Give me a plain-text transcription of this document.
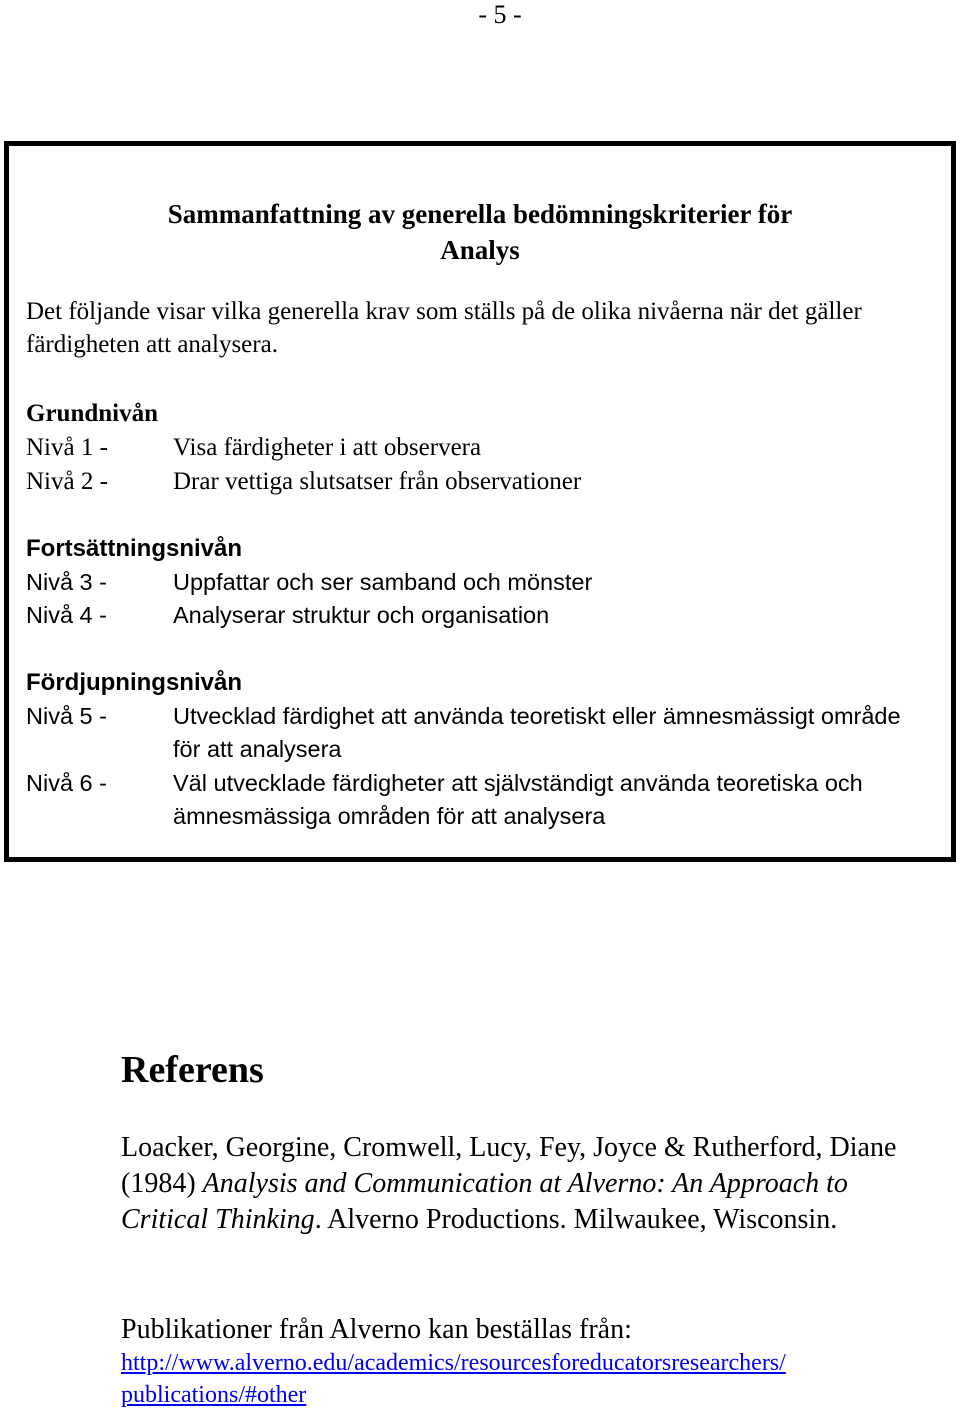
- 5 -
Sammanfattning av generella bedömningskriterier för
Analys
Det följande visar vilka generella krav som ställs på de olika nivåerna när det gäller färdigheten att analysera.
Grundnivån
Nivå 1 -	Visa färdigheter i att observera
Nivå 2 -	Drar vettiga slutsatser från observationer
Fortsättningsnivån
Nivå 3 -	Uppfattar och ser samband och mönster
Nivå 4 -	Analyserar struktur och organisation
Fördjupningsnivån
Nivå 5 -	Utvecklad färdighet att använda teoretiskt eller ämnesmässigt område för att analysera
Nivå 6 -	Väl utvecklade färdigheter att självständigt använda teoretiska och ämnesmässiga områden för att analysera
Referens
Loacker, Georgine, Cromwell, Lucy, Fey, Joyce & Rutherford, Diane (1984) Analysis and Communication at Alverno: An Approach to Critical Thinking. Alverno Productions. Milwaukee, Wisconsin.
Publikationer från Alverno kan beställas från:
http://www.alverno.edu/academics/resourcesforeducatorsresearchers/
publications/#other
